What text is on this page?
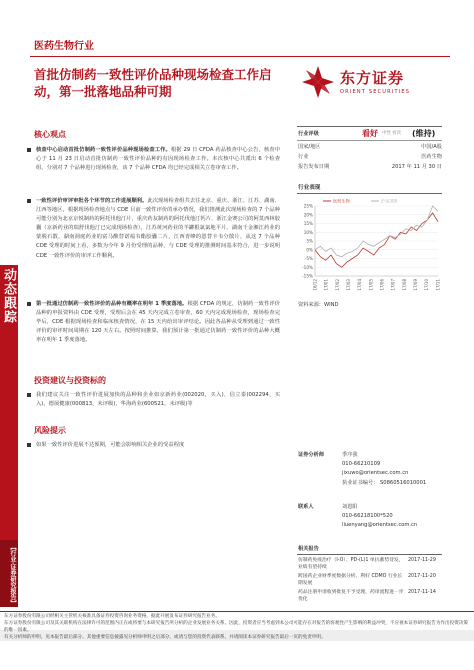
动态跟踪
【行业·证券研究报告】
医药生物行业
首批仿制药一致性评价品种现场检查工作启动，第一批落地品种可期
东方证券
ORIENT SECURITIES
核心观点
核查中心启动首批仿制药一致性评价品种现场检查工作。根据 29 日 CFDA 药品核查中心公告，核查中心于 11 月 23 日启动首批仿制药一致性评价品种的有因现场检查工作。本次核中心共派出 6 个检查组，分别对 7 个品种进行现场检查，该 7 个品种 CFDA 均已经完成相关立卷审查工作。
一致性评价审评审批各个环节的工作进展顺利。此次现场检查组共去往北京、重庆、浙江、江苏、湖南、江西等地区，根据现场检查地点与 CDE 目前一致性评价的承办情况，我们推测此次现场检查的 7 个品种可能分别为北京京悦制药的阿托伐他汀片，重庆药友制药的阿托伐他汀钙片、浙江金赛公司的阿莫西林胶囊（京新药业的瑞舒伐他汀已完成现场检查），江苏黄河药业的羊罐根氯氯地平片、湖南千金湘江药业的蒙脱石散、湖南洞庭药业的富马酸替诺福韦酯胶囊二片，江西青峰的恩替卡韦分散片，从这 7 个品种 CDE 受理的时间上看，多数为今年 9 月份受理的品种，与 CDE 受理的推测时间基本符合，进一步说明 CDE 一致性评价的审评工作顺利。
第一批通过仿制药一致性评价的品种有概率在明年 1 季度落地。根据 CFDA 的规定，仿制药一致性评价品种的申报资料由 CDE 受理，受理后会在 45 天内完成立卷审查，60 天内完成现场检查，现场检查完毕后，CDE 根据现场检查和临床核查情况，在 15 天内给出审评结论。因此各品种从受理到通过一致性评价的审评时间周期在 120 天左右。按照时间推算，我们预计第一批通过仿制药一致性评价的品种大概率在明年 1 季度落地。
投资建议与投资标的
我们建议关注一致性评价进展加快的品种和企业如京新药业(002020，买入)，信立泰(002294，买入)，德展健康(000813，未评级)，华海药业(600521，未评级)等
风险提示
如果一致性评价进展不达预期，可能会影响相关企业的受益程度
行业评级	看好 中性 看淡 (维持)
国家/地区	中国/A股
行业	医药生物
报告发布日期	2017 年 11 月 30 日
行业表现
25%
20%
15%
10%
5%
0%
-5%
-10%
-15%
16/12 17/01 17/02 17/03 17/04 17/05 17/06 17/07 17/08 17/09 17/10 17/11
医药生物	沪深300
资料来源：WIND
证券分析师	季序我
010-66210109
jixuwo@orientsec.com.cn
执业证书编号： S0860516010001
联系人	刘恩阳
010-66218100*520
liuenyang@orientsec.com.cn
相关报告
仿制药免疫治疗（I-O）、PD-(L)1 单抗蓄势待发，业绩有望持续
2017-11-29
跨国药企业财季度数据分析，利好 CDMO 行业长期发展
2017-11-20
药品注册申请收到批复不予受理，药审流程进一步优化
2017-11-14
东方证券股份有限公司经相关主管机关核准具备证券投资咨询业务资格，据此开展发布证券研究报告业务。
东方证券股份有限公司及其关联机构在法律许可的范围内正在或将要与本研究报告所分析的企业发展业务关系。因此，投资者应当考虑到本公司可能存在对报告的客观性产生影响的利益冲突，不应视本证券研究报告为作出投资决策的唯一因素。
有关分析师的申明，见本报告最后部分。其他重要信息披露见分析师申明之后部分，或请与您的投资代表联系。并请阅读本证券研究报告最后一页的免责申明。
